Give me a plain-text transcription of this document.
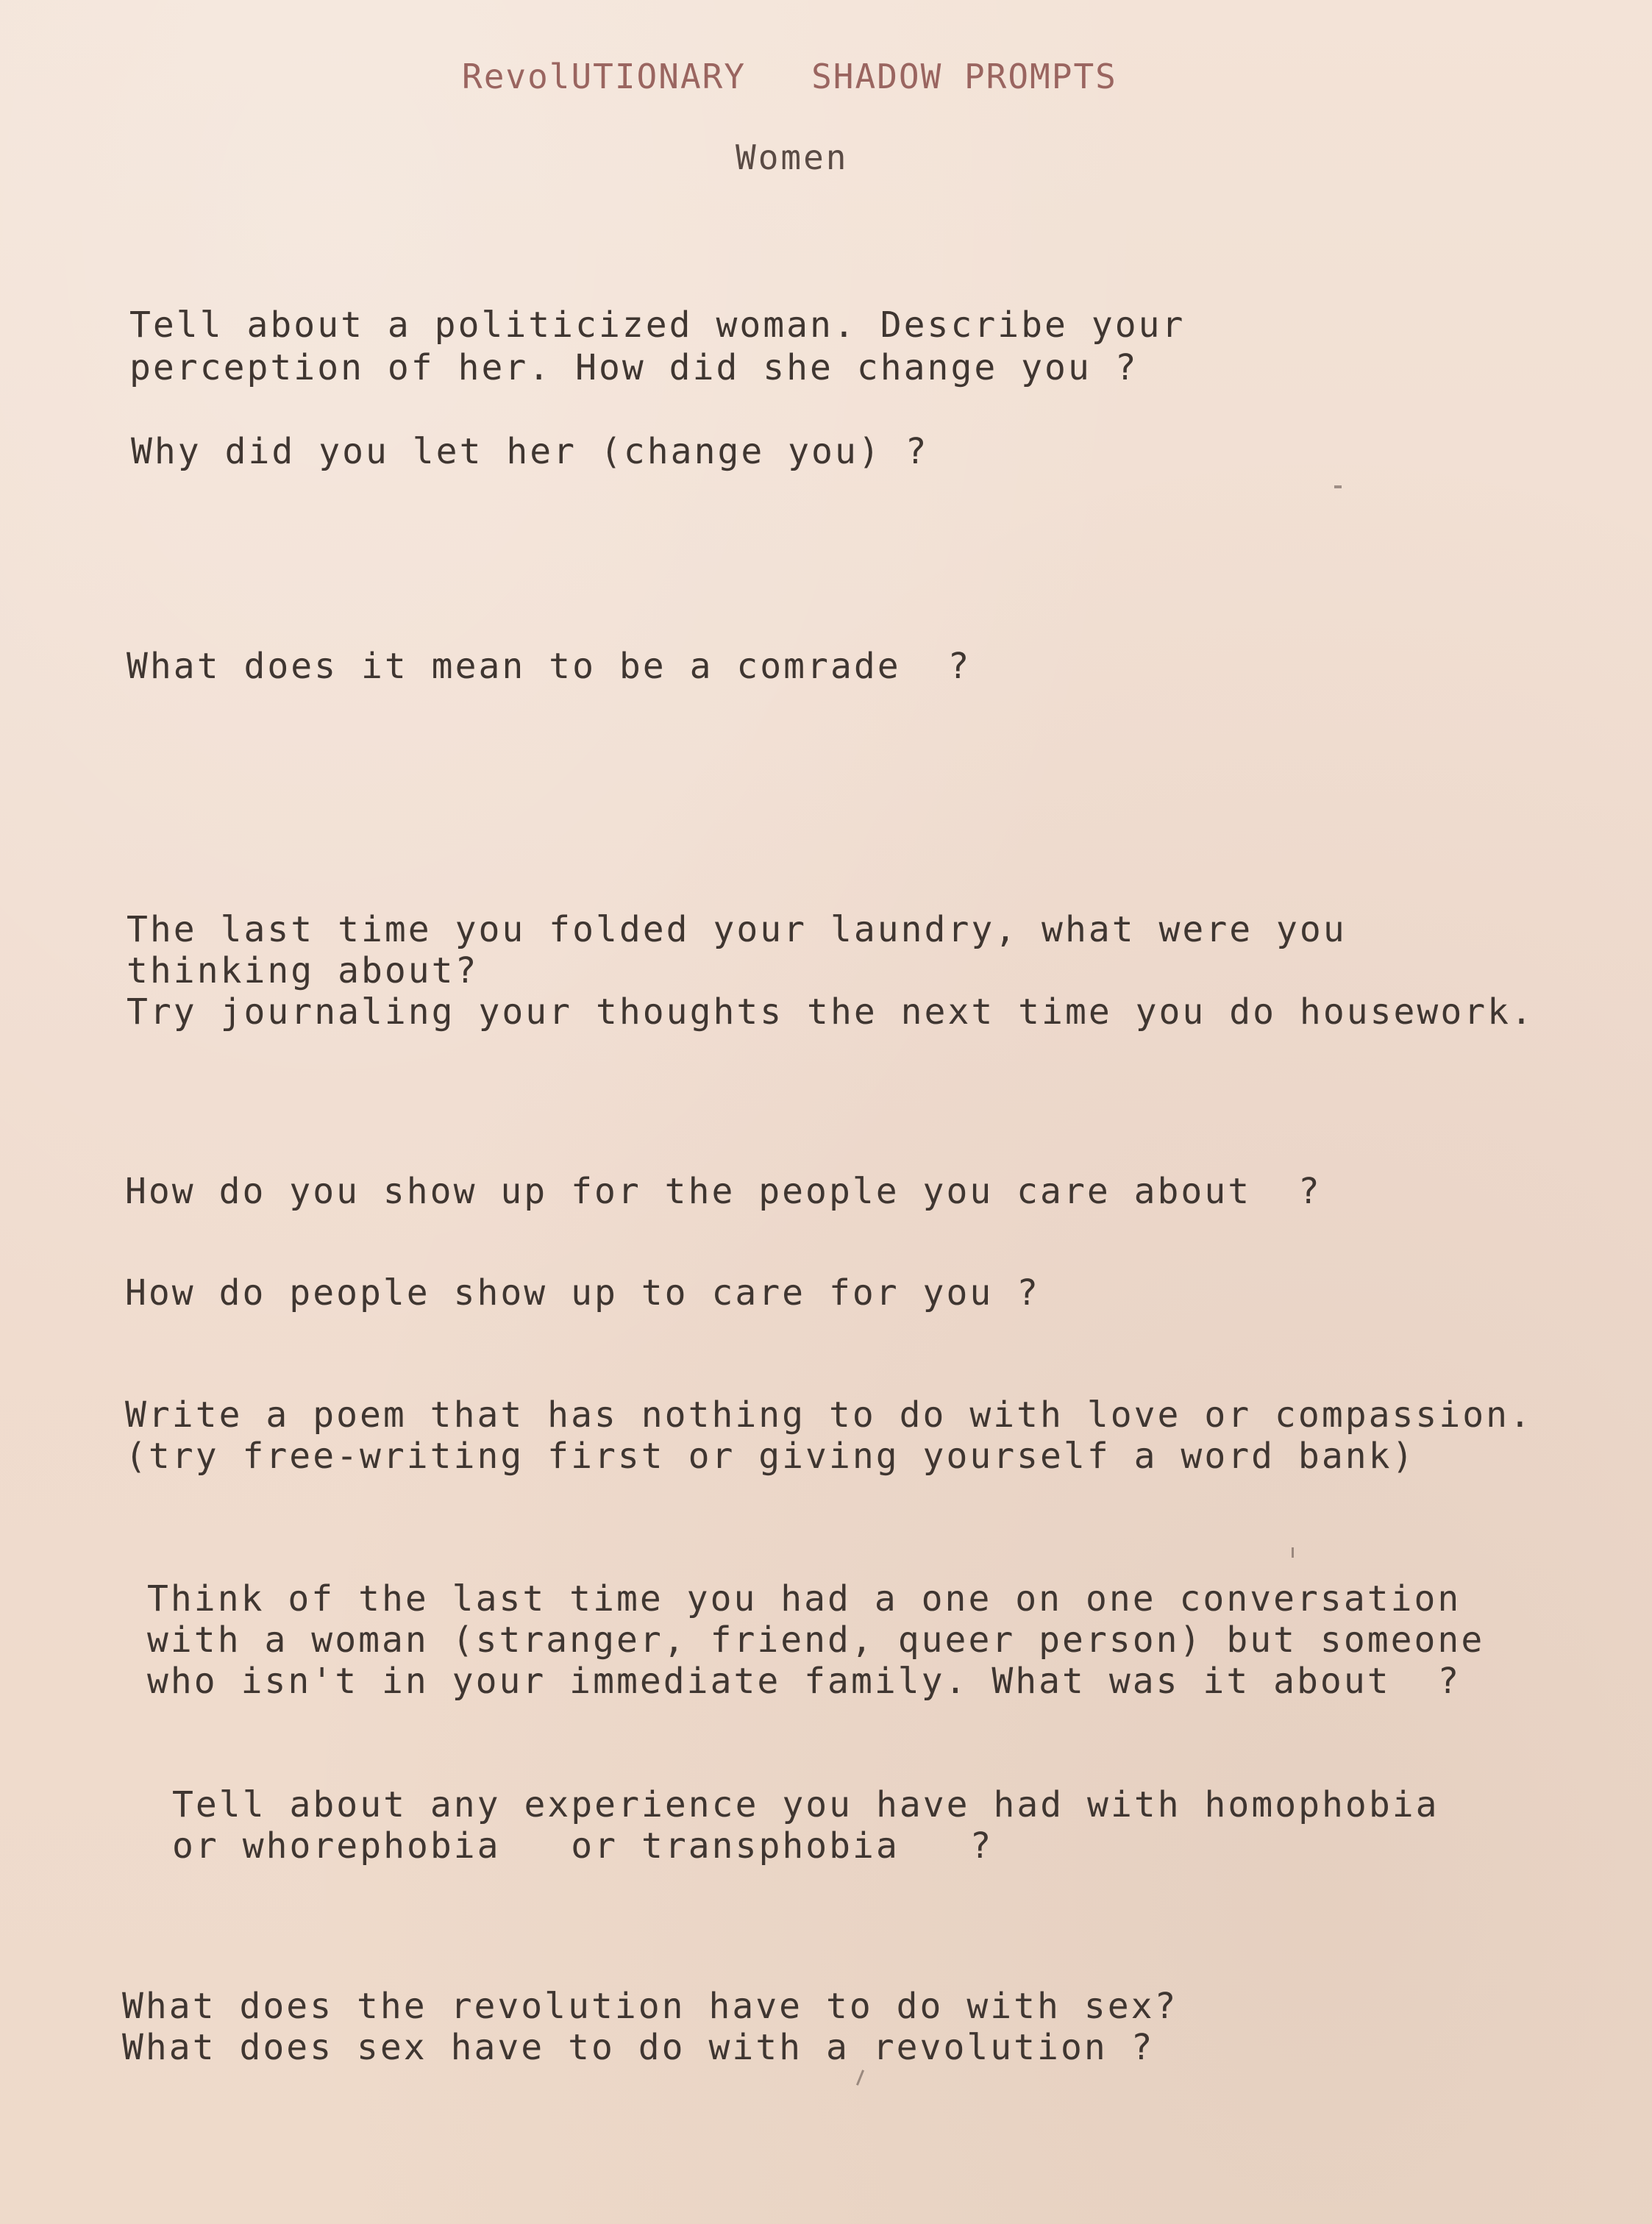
RevolUTIONARY   SHADOW PROMPTS
Women
Tell about a politicized woman. Describe your
perception of her. How did she change you ?
Why did you let her (change you) ?
What does it mean to be a comrade  ?
The last time you folded your laundry, what were you
thinking about?
Try journaling your thoughts the next time you do housework.
How do you show up for the people you care about  ?
How do people show up to care for you ?
Write a poem that has nothing to do with love or compassion.
(try free-writing first or giving yourself a word bank)
Think of the last time you had a one on one conversation
with a woman (stranger, friend, queer person) but someone
who isn't in your immediate family. What was it about  ?
Tell about any experience you have had with homophobia
or whorephobia   or transphobia   ?
What does the revolution have to do with sex?
What does sex have to do with a revolution ?
